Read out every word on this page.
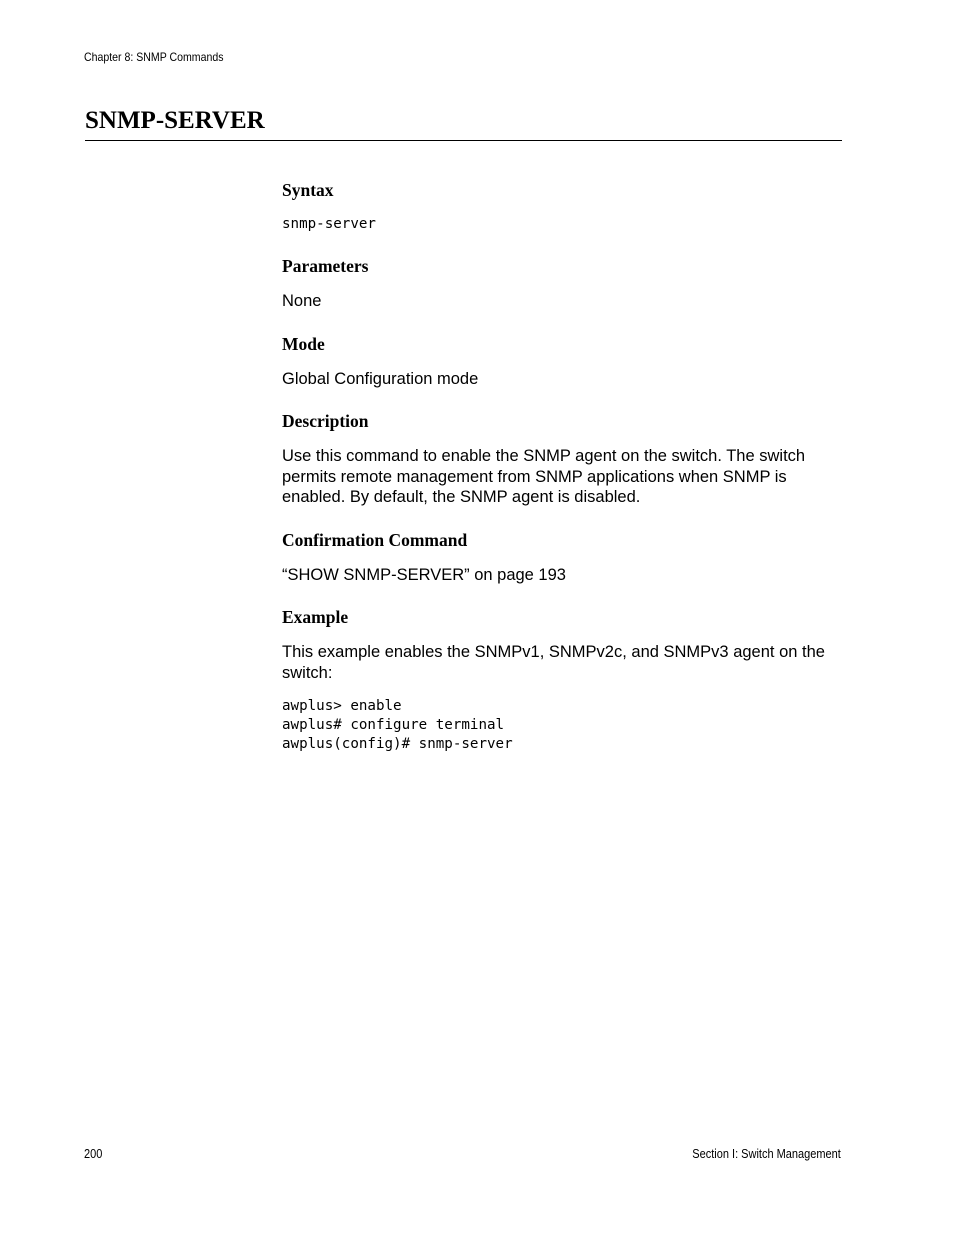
Chapter 8: SNMP Commands
SNMP-SERVER
Syntax

snmp-server

Parameters

None

Mode

Global Configuration mode

Description

Use this command to enable the SNMP agent on the switch. The switch permits remote management from SNMP applications when SNMP is enabled. By default, the SNMP agent is disabled.

Confirmation Command

“SHOW SNMP-SERVER” on page 193

Example

This example enables the SNMPv1, SNMPv2c, and SNMPv3 agent on the switch:

awplus> enable

awplus# configure terminal

awplus(config)# snmp-server

200	Section I: Switch Management
